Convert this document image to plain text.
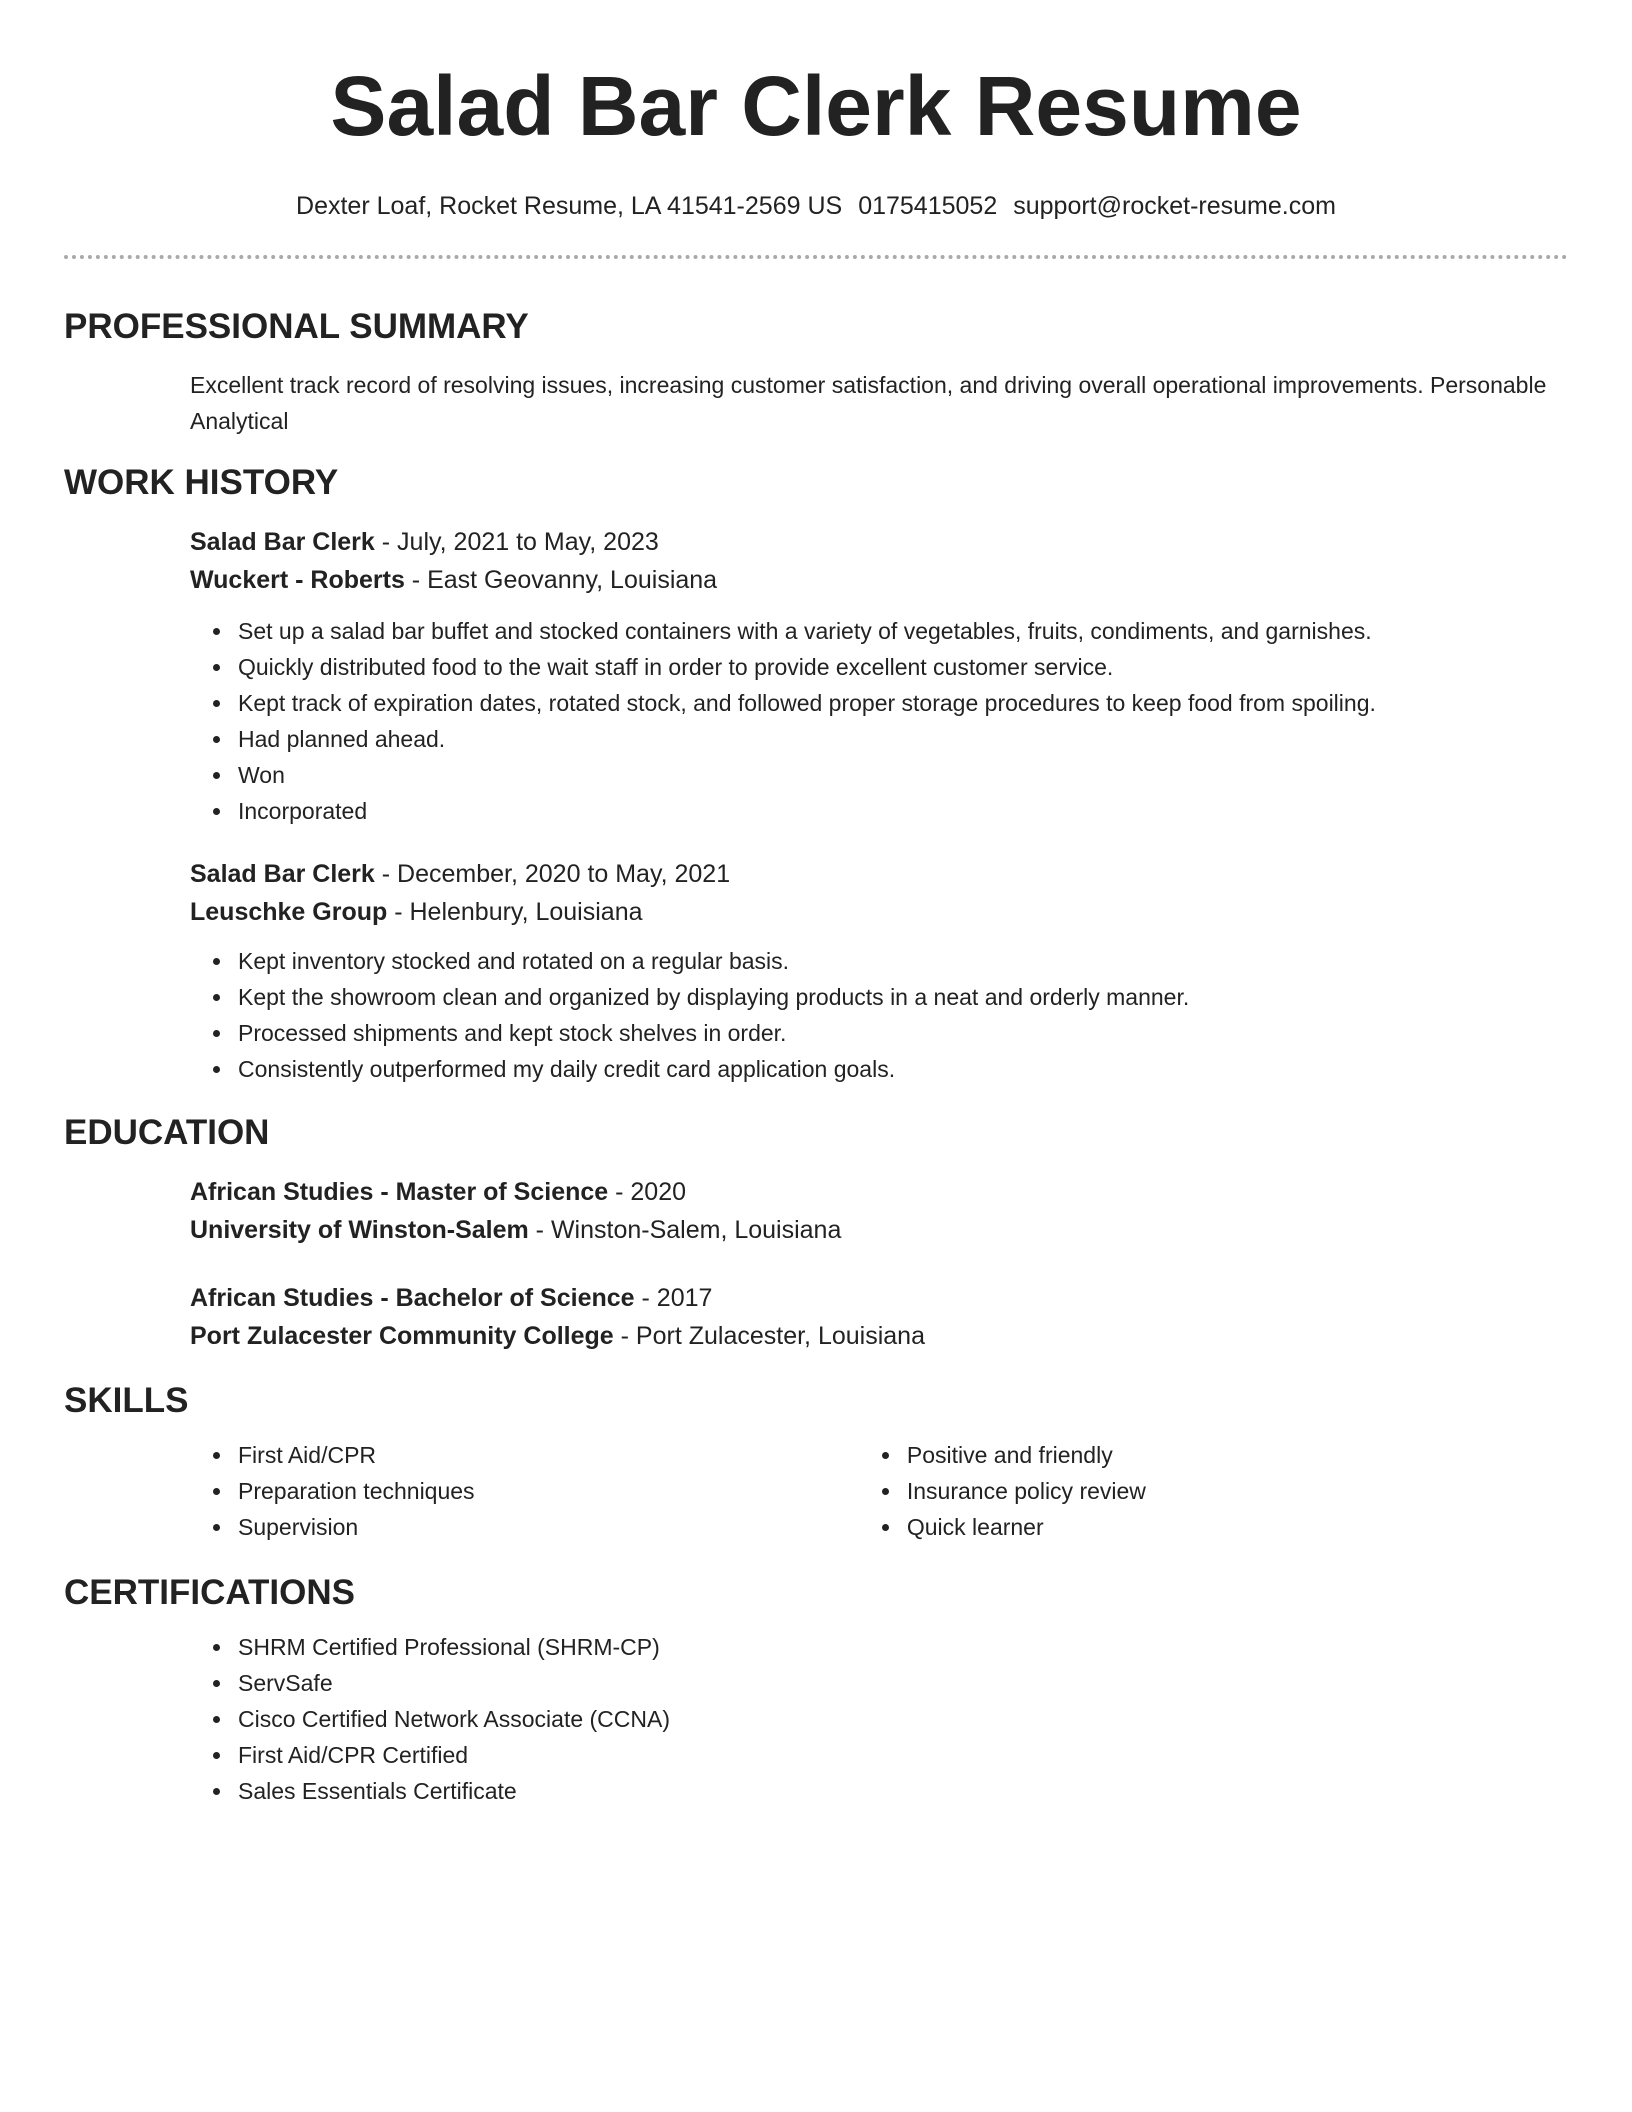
Salad Bar Clerk Resume
Dexter Loaf, Rocket Resume, LA 41541-2569 US 0175415052 support@rocket-resume.com
PROFESSIONAL SUMMARY
Excellent track record of resolving issues, increasing customer satisfaction, and driving overall operational improvements. Personable Analytical
WORK HISTORY
Salad Bar Clerk - July, 2021 to May, 2023
Wuckert - Roberts - East Geovanny, Louisiana
• Set up a salad bar buffet and stocked containers with a variety of vegetables, fruits, condiments, and garnishes.
• Quickly distributed food to the wait staff in order to provide excellent customer service.
• Kept track of expiration dates, rotated stock, and followed proper storage procedures to keep food from spoiling.
• Had planned ahead.
• Won
• Incorporated
Salad Bar Clerk - December, 2020 to May, 2021
Leuschke Group - Helenbury, Louisiana
• Kept inventory stocked and rotated on a regular basis.
• Kept the showroom clean and organized by displaying products in a neat and orderly manner.
• Processed shipments and kept stock shelves in order.
• Consistently outperformed my daily credit card application goals.
EDUCATION
African Studies - Master of Science - 2020
University of Winston-Salem - Winston-Salem, Louisiana
African Studies - Bachelor of Science - 2017
Port Zulacester Community College - Port Zulacester, Louisiana
SKILLS
• First Aid/CPR
• Preparation techniques
• Supervision
• Positive and friendly
• Insurance policy review
• Quick learner
CERTIFICATIONS
• SHRM Certified Professional (SHRM-CP)
• ServSafe
• Cisco Certified Network Associate (CCNA)
• First Aid/CPR Certified
• Sales Essentials Certificate
